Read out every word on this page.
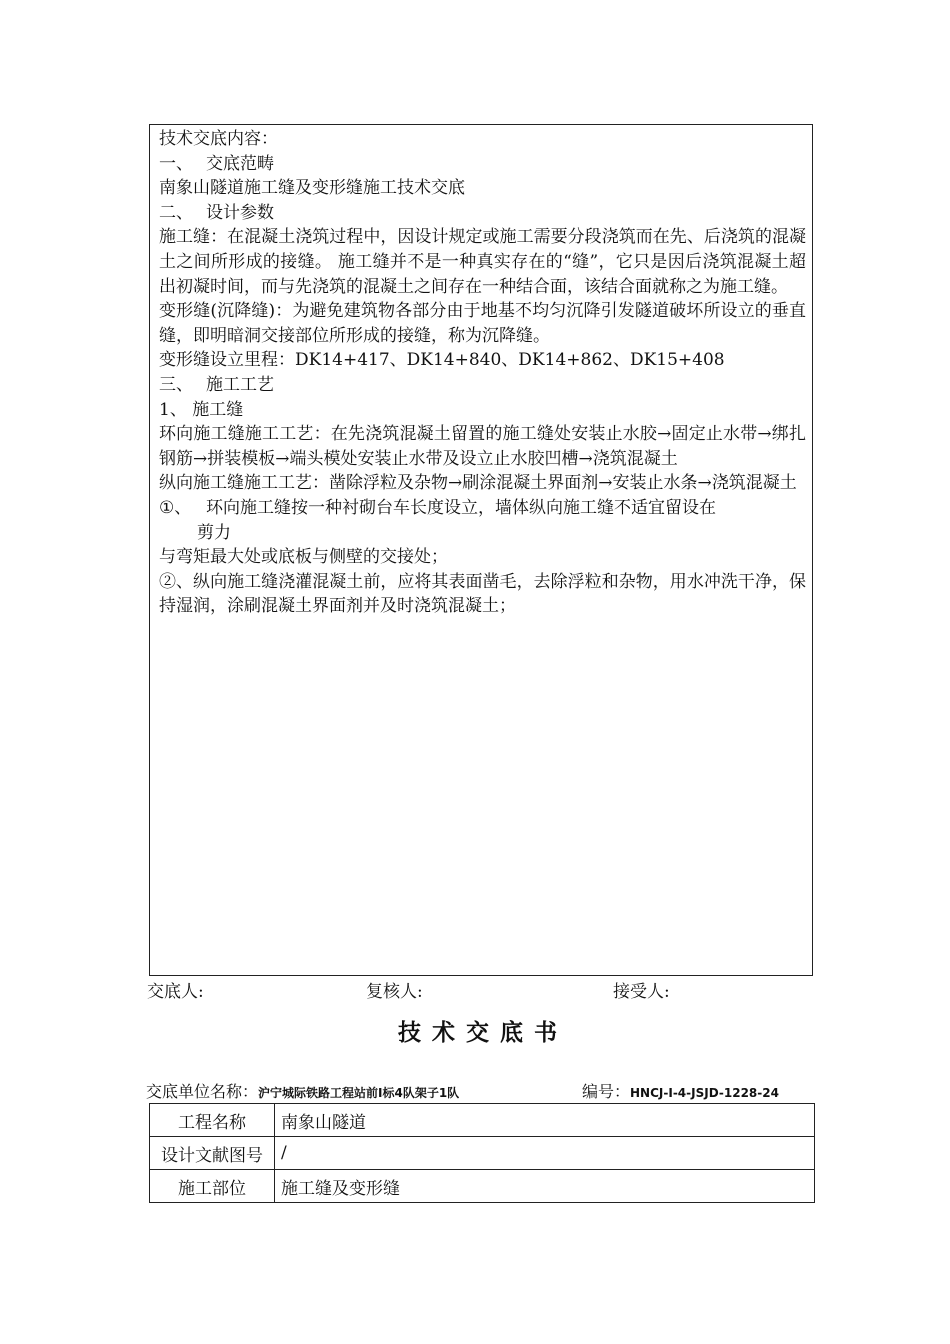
技术交底内容：

一、 交底范畴

南象山隧道施工缝及变形缝施工技术交底

二、 设计参数

施工缝：在混凝土浇筑过程中，因设计规定或施工需要分段浇筑而在先、后浇筑的混凝土之间所形成的接缝。 施工缝并不是一种真实存在的“缝”，它只是因后浇筑混凝土超出初凝时间，而与先浇筑的混凝土之间存在一种结合面，该结合面就称之为施工缝。

变形缝(沉降缝)：为避免建筑物各部分由于地基不均匀沉降引发隧道破坏所设立的垂直缝，即明暗洞交接部位所形成的接缝，称为沉降缝。

变形缝设立里程：DK14+417、DK14+840、DK14+862、DK15+408

三、 施工工艺

1、 施工缝

环向施工缝施工工艺：在先浇筑混凝土留置的施工缝处安装止水胶→固定止水带→绑扎钢筋→拼装模板→端头模处安装止水带及设立止水胶凹槽→浇筑混凝土

纵向施工缝施工工艺：凿除浮粒及杂物→刷涂混凝土界面剂→安装止水条→浇筑混凝土

①、 环向施工缝按一种衬砌台车长度设立，墙体纵向施工缝不适宜留设在

剪力

与弯矩最大处或底板与侧壁的交接处；

②、纵向施工缝浇灌混凝土前，应将其表面凿毛，去除浮粒和杂物，用水冲洗干净，保持湿润，涂刷混凝土界面剂并及时浇筑混凝土；

交底人:	复核人:	接受人:
技术交底书
交底单位名称：沪宁城际铁路工程站前Ⅰ标4队架子1队	编号：HNCJ-Ⅰ-4-JSJD-1228-24
工程名称	南象山隧道
设计文献图号	/
施工部位	施工缝及变形缝
